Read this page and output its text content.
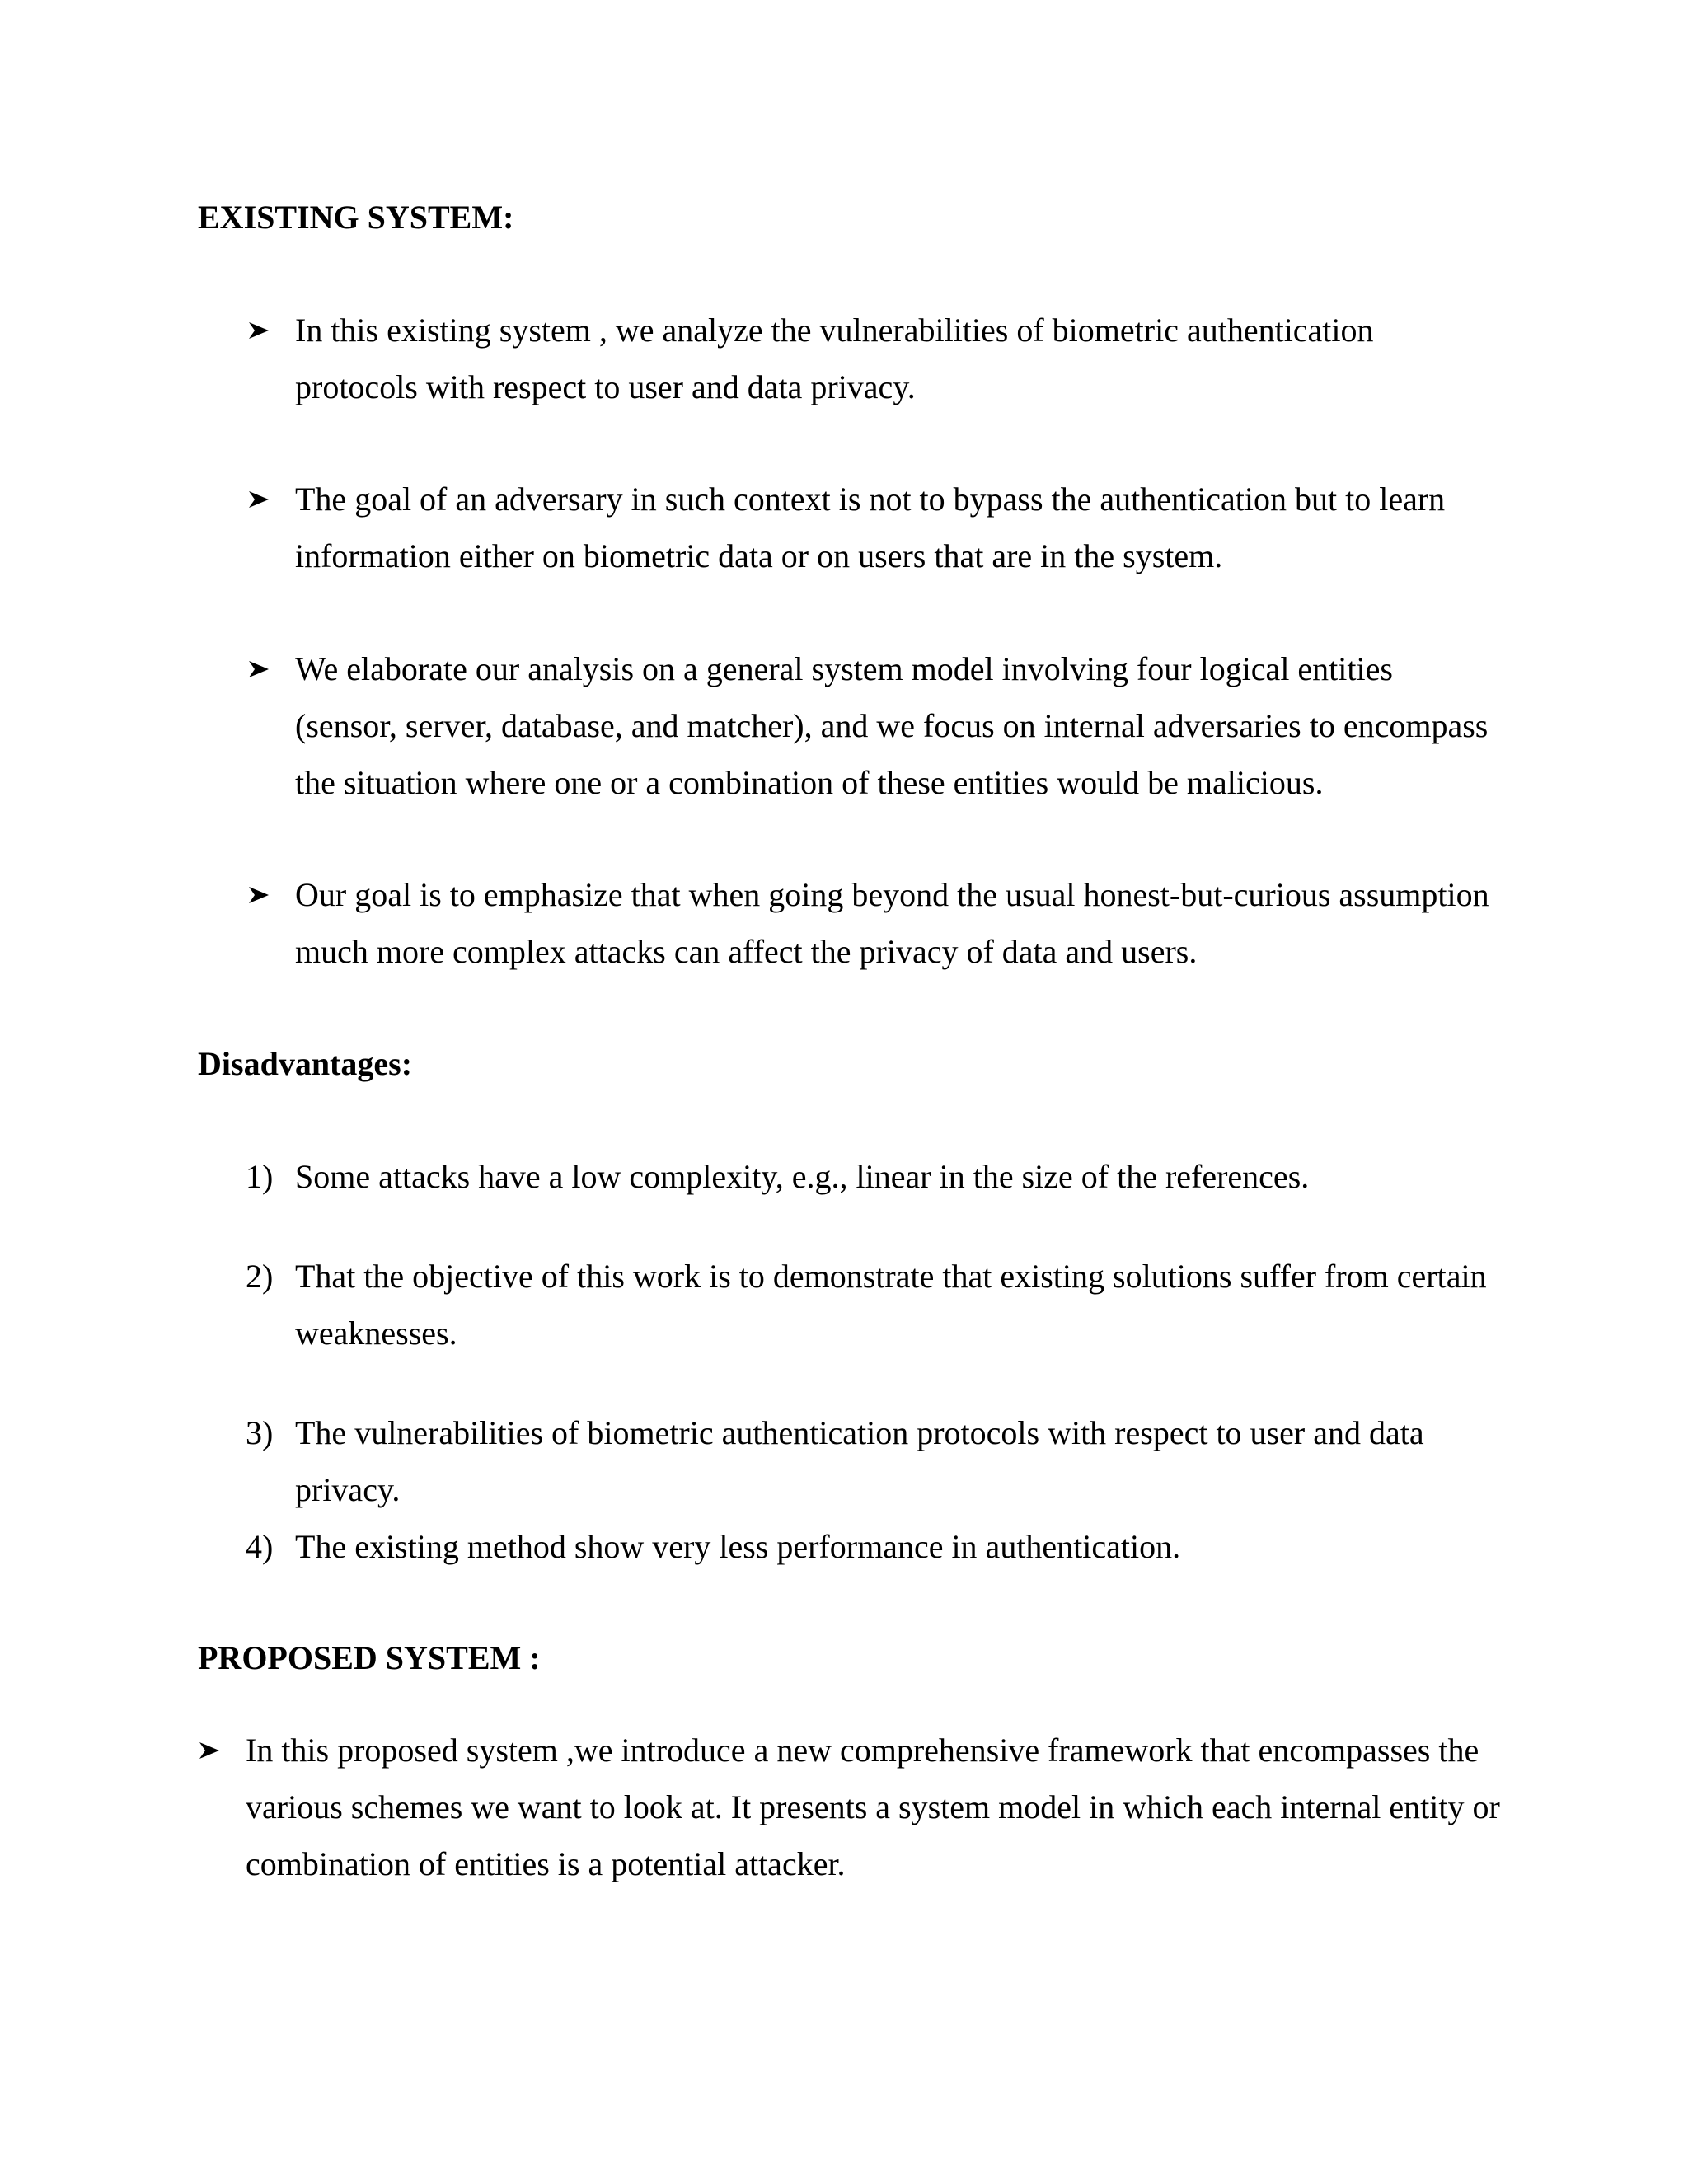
EXISTING SYSTEM:
In this existing system , we analyze the vulnerabilities of biometric authentication protocols with respect to user and data privacy.
The goal of an adversary in such context is not to bypass the authentication but to learn information either on biometric data or on users that are in the system.
We elaborate our analysis on a general system model involving four logical entities (sensor, server, database, and matcher), and we focus on internal adversaries to encompass the situation where one or a combination of these entities would be malicious.
Our goal is to emphasize that when going beyond the usual honest-but-curious assumption much more complex attacks can affect the privacy of data and users.
Disadvantages:
1) Some attacks have a low complexity, e.g., linear in the size of the references.
2) That the objective of this work is to demonstrate that existing solutions suffer from certain weaknesses.
3) The vulnerabilities of biometric authentication protocols with respect to user and data privacy.
4) The existing method show very less performance in authentication.
PROPOSED SYSTEM :
In this proposed system ,we introduce a new comprehensive framework that encompasses the various schemes we want to look at. It presents a system model in which each internal entity or combination of entities is a potential attacker.
